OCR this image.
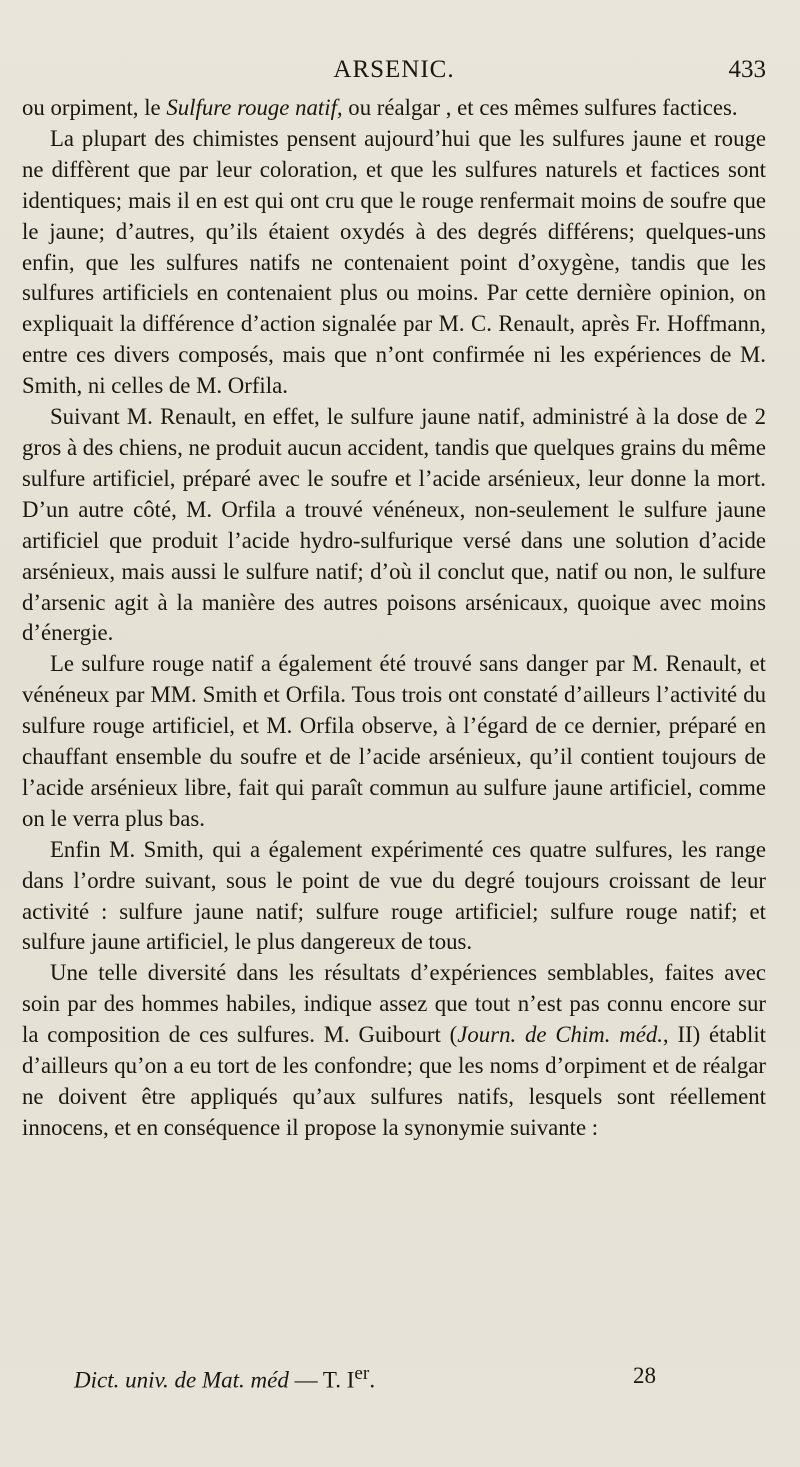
ARSENIC.	433

ou orpiment, le Sulfure rouge natif, ou réalgar , et ces mêmes sulfures factices.

La plupart des chimistes pensent aujourd’hui que les sulfures jaune et rouge ne diffèrent que par leur coloration, et que les sulfures naturels et factices sont identiques; mais il en est qui ont cru que le rouge renfermait moins de soufre que le jaune; d’autres, qu’ils étaient oxydés à des degrés différens; quelques-uns enfin, que les sulfures natifs ne contenaient point d’oxygène, tandis que les sulfures artificiels en contenaient plus ou moins. Par cette dernière opinion, on expliquait la différence d’action signalée par M. C. Renault, après Fr. Hoffmann, entre ces divers composés, mais que n’ont confirmée ni les expériences de M. Smith, ni celles de M. Orfila.

Suivant M. Renault, en effet, le sulfure jaune natif, administré à la dose de 2 gros à des chiens, ne produit aucun accident, tandis que quelques grains du même sulfure artificiel, préparé avec le soufre et l’acide arsénieux, leur donne la mort. D’un autre côté, M. Orfila a trouvé vénéneux, non-seulement le sulfure jaune artificiel que produit l’acide hydro-sulfurique versé dans une solution d’acide arsénieux, mais aussi le sulfure natif; d’où il conclut que, natif ou non, le sulfure d’arsenic agit à la manière des autres poisons arsénicaux, quoique avec moins d’énergie.

Le sulfure rouge natif a également été trouvé sans danger par M. Renault, et vénéneux par MM. Smith et Orfila. Tous trois ont constaté d’ailleurs l’activité du sulfure rouge artificiel, et M. Orfila observe, à l’égard de ce dernier, préparé en chauffant ensemble du soufre et de l’acide arsénieux, qu’il contient toujours de l’acide arsénieux libre, fait qui paraît commun au sulfure jaune artificiel, comme on le verra plus bas.

Enfin M. Smith, qui a également expérimenté ces quatre sulfures, les range dans l’ordre suivant, sous le point de vue du degré toujours croissant de leur activité : sulfure jaune natif; sulfure rouge artificiel; sulfure rouge natif; et sulfure jaune artificiel, le plus dangereux de tous.

Une telle diversité dans les résultats d’expériences semblables, faites avec soin par des hommes habiles, indique assez que tout n’est pas connu encore sur la composition de ces sulfures. M. Guibourt (Journ. de Chim. méd., II) établit d’ailleurs qu’on a eu tort de les confondre; que les noms d’orpiment et de réalgar ne doivent être appliqués qu’aux sulfures natifs, lesquels sont réellement innocens, et en conséquence il propose la synonymie suivante :

Dict. univ. de Mat. méd — T. Ier.	28
